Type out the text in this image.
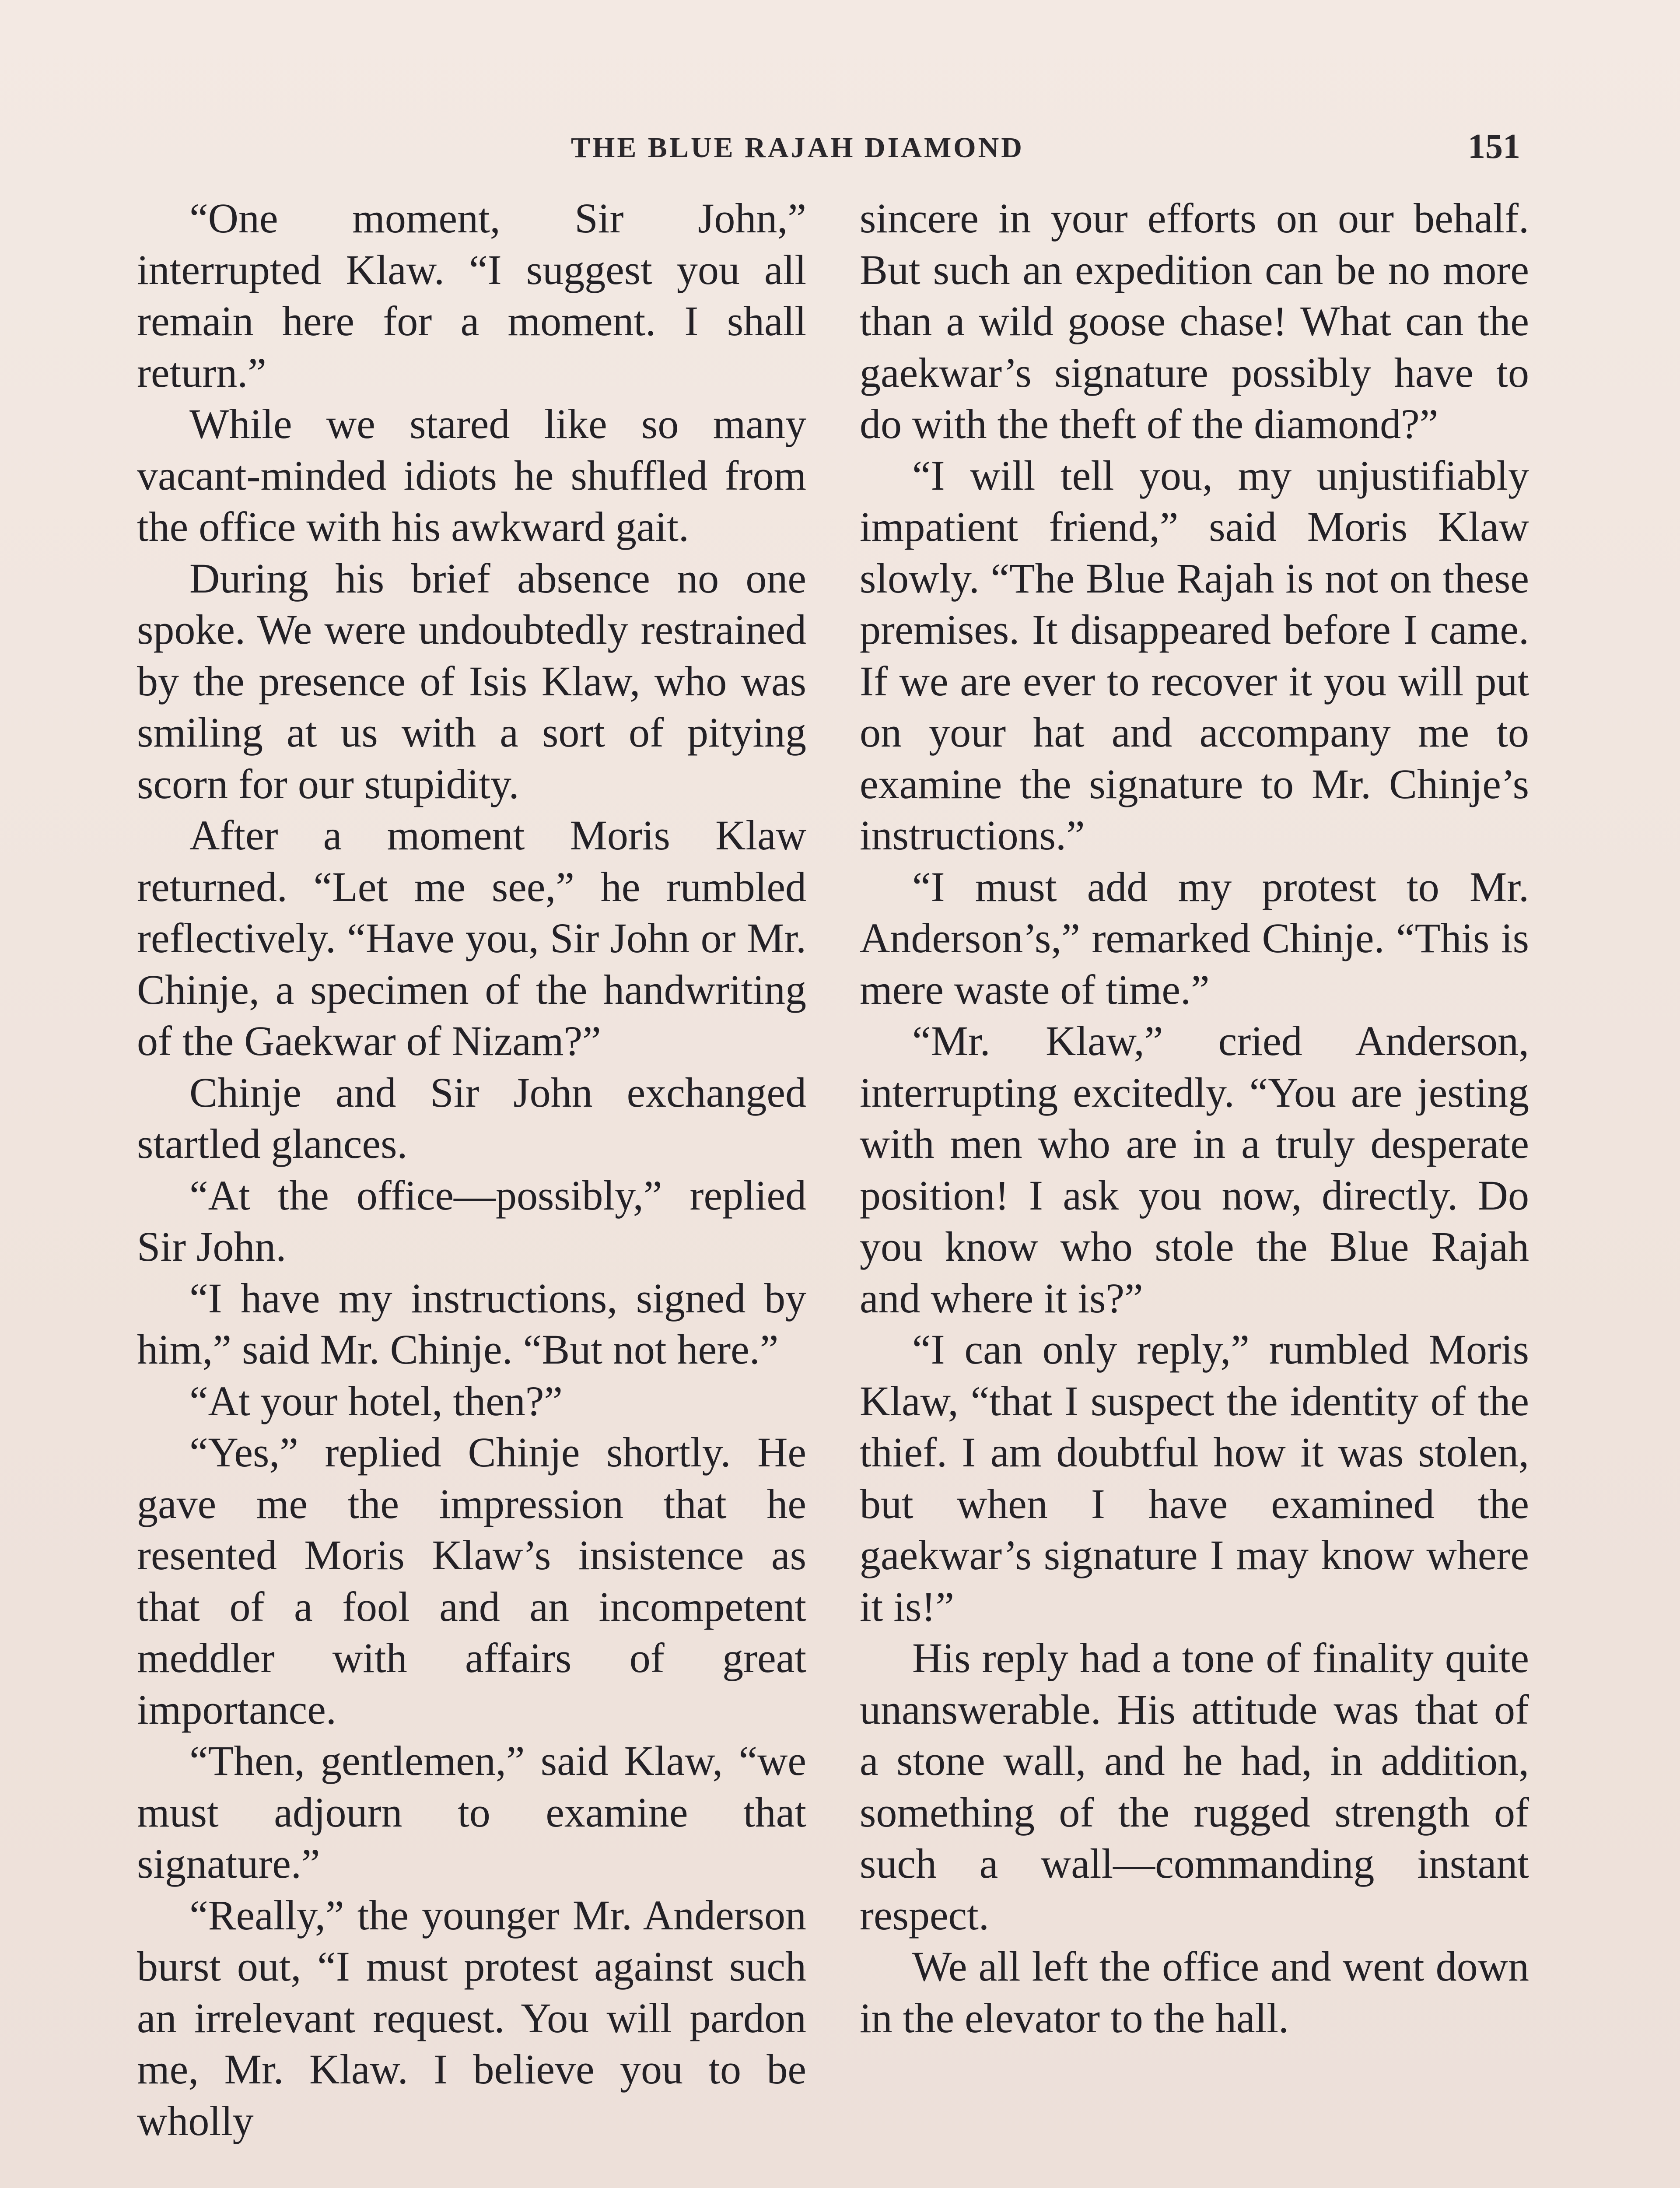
THE BLUE RAJAH DIAMOND	151

“One moment, Sir John,” interrupted Klaw. “I suggest you all remain here for a moment. I shall return.”

While we stared like so many vacant-minded idiots he shuffled from the office with his awkward gait.

During his brief absence no one spoke. We were undoubtedly restrained by the presence of Isis Klaw, who was smiling at us with a sort of pitying scorn for our stupidity.

After a moment Moris Klaw returned. “Let me see,” he rumbled reflectively. “Have you, Sir John or Mr. Chinje, a specimen of the handwriting of the Gaekwar of Nizam?”

Chinje and Sir John exchanged startled glances.

“At the office—possibly,” replied Sir John.

“I have my instructions, signed by him,” said Mr. Chinje. “But not here.”

“At your hotel, then?”

“Yes,” replied Chinje shortly. He gave me the impression that he resented Moris Klaw’s insistence as that of a fool and an incompetent meddler with affairs of great importance.

“Then, gentlemen,” said Klaw, “we must adjourn to examine that signature.”

“Really,” the younger Mr. Anderson burst out, “I must protest against such an irrelevant request. You will pardon me, Mr. Klaw. I believe you to be wholly

sincere in your efforts on our behalf. But such an expedition can be no more than a wild goose chase! What can the gaekwar’s signature possibly have to do with the theft of the diamond?”

“I will tell you, my unjustifiably impatient friend,” said Moris Klaw slowly. “The Blue Rajah is not on these premises. It disappeared before I came. If we are ever to recover it you will put on your hat and accompany me to examine the signature to Mr. Chinje’s instructions.”

“I must add my protest to Mr. Anderson’s,” remarked Chinje. “This is mere waste of time.”

“Mr. Klaw,” cried Anderson, interrupting excitedly. “You are jesting with men who are in a truly desperate position! I ask you now, directly. Do you know who stole the Blue Rajah and where it is?”

“I can only reply,” rumbled Moris Klaw, “that I suspect the identity of the thief. I am doubtful how it was stolen, but when I have examined the gaekwar’s signature I may know where it is!”

His reply had a tone of finality quite unanswerable. His attitude was that of a stone wall, and he had, in addition, something of the rugged strength of such a wall—commanding instant respect.

We all left the office and went down in the elevator to the hall.
